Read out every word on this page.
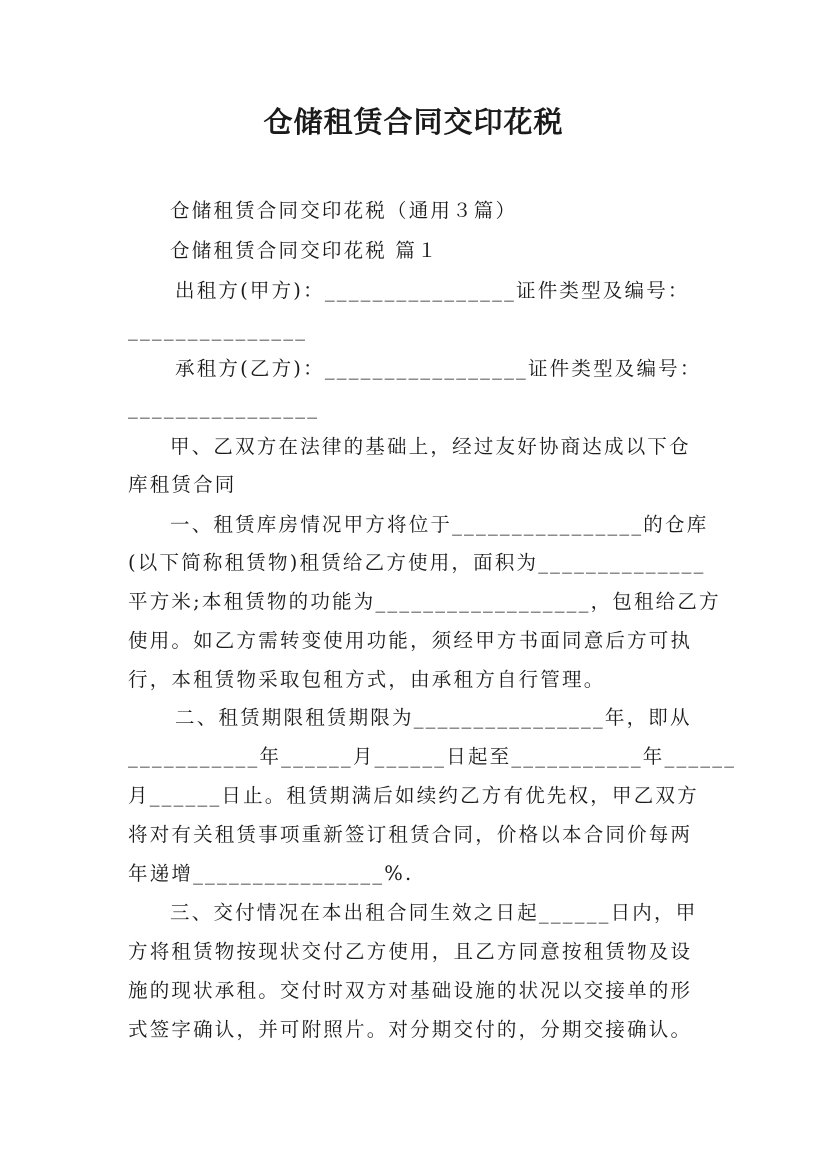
仓储租赁合同交印花税

仓储租赁合同交印花税（通用３篇）

仓储租赁合同交印花税 篇１

出租方(甲方)：________________证件类型及编号：

_______________

承租方(乙方)：_________________证件类型及编号：

________________

甲、乙双方在法律的基础上，经过友好协商达成以下仓

库租赁合同

一、租赁库房情况甲方将位于________________的仓库

(以下简称租赁物)租赁给乙方使用，面积为______________

平方米;本租赁物的功能为__________________，包租给乙方

使用。如乙方需转变使用功能，须经甲方书面同意后方可执

行，本租赁物采取包租方式，由承租方自行管理。

二、租赁期限租赁期限为________________年，即从

___________年______月______日起至___________年______

月______日止。租赁期满后如续约乙方有优先权，甲乙双方

将对有关租赁事项重新签订租赁合同，价格以本合同价每两

年递增________________%.

三、交付情况在本出租合同生效之日起______日内，甲

方将租赁物按现状交付乙方使用，且乙方同意按租赁物及设

施的现状承租。交付时双方对基础设施的状况以交接单的形

式签字确认，并可附照片。对分期交付的，分期交接确认。
